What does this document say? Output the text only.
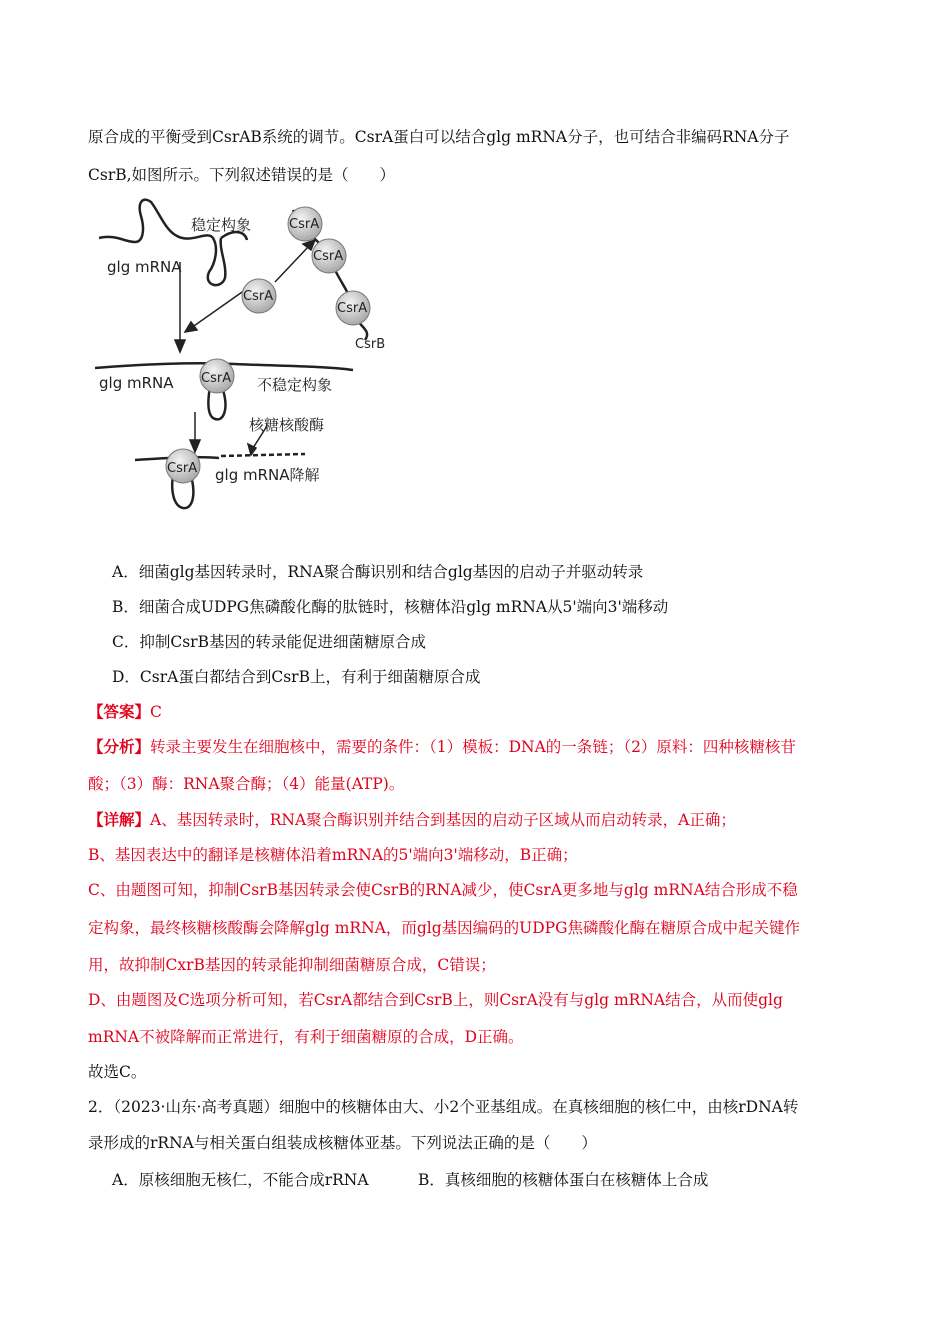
原合成的平衡受到CsrAB系统的调节。CsrA蛋白可以结合glg mRNA分子，也可结合非编码RNA分子
CsrB,如图所示。下列叙述错误的是（　　）
稳定构象
glg mRNA
CsrA
CsrA
CsrA
CsrA
CsrB
glg mRNA CsrA 不稳定构象
核糖核酸酶
CsrA glg mRNA降解
A．细菌glg基因转录时，RNA聚合酶识别和结合glg基因的启动子并驱动转录
B．细菌合成UDPG焦磷酸化酶的肽链时，核糖体沿glg mRNA从5'端向3'端移动
C．抑制CsrB基因的转录能促进细菌糖原合成
D．CsrA蛋白都结合到CsrB上，有利于细菌糖原合成
【答案】C
【分析】转录主要发生在细胞核中，需要的条件：（1）模板：DNA的一条链；（2）原料：四种核糖核苷
酸；（3）酶：RNA聚合酶；（4）能量(ATP)。
【详解】A、基因转录时，RNA聚合酶识别并结合到基因的启动子区域从而启动转录，A正确；
B、基因表达中的翻译是核糖体沿着mRNA的5'端向3'端移动，B正确；
C、由题图可知，抑制CsrB基因转录会使CsrB的RNA减少，使CsrA更多地与glg mRNA结合形成不稳
定构象，最终核糖核酸酶会降解glg mRNA，而glg基因编码的UDPG焦磷酸化酶在糖原合成中起关键作
用，故抑制CxrB基因的转录能抑制细菌糖原合成，C错误；
D、由题图及C选项分析可知，若CsrA都结合到CsrB上，则CsrA没有与glg mRNA结合，从而使glg
mRNA不被降解而正常进行，有利于细菌糖原的合成，D正确。
故选C。
2．（2023·山东·高考真题）细胞中的核糖体由大、小2个亚基组成。在真核细胞的核仁中，由核rDNA转
录形成的rRNA与相关蛋白组装成核糖体亚基。下列说法正确的是（　　）
A．原核细胞无核仁，不能合成rRNA	B．真核细胞的核糖体蛋白在核糖体上合成
